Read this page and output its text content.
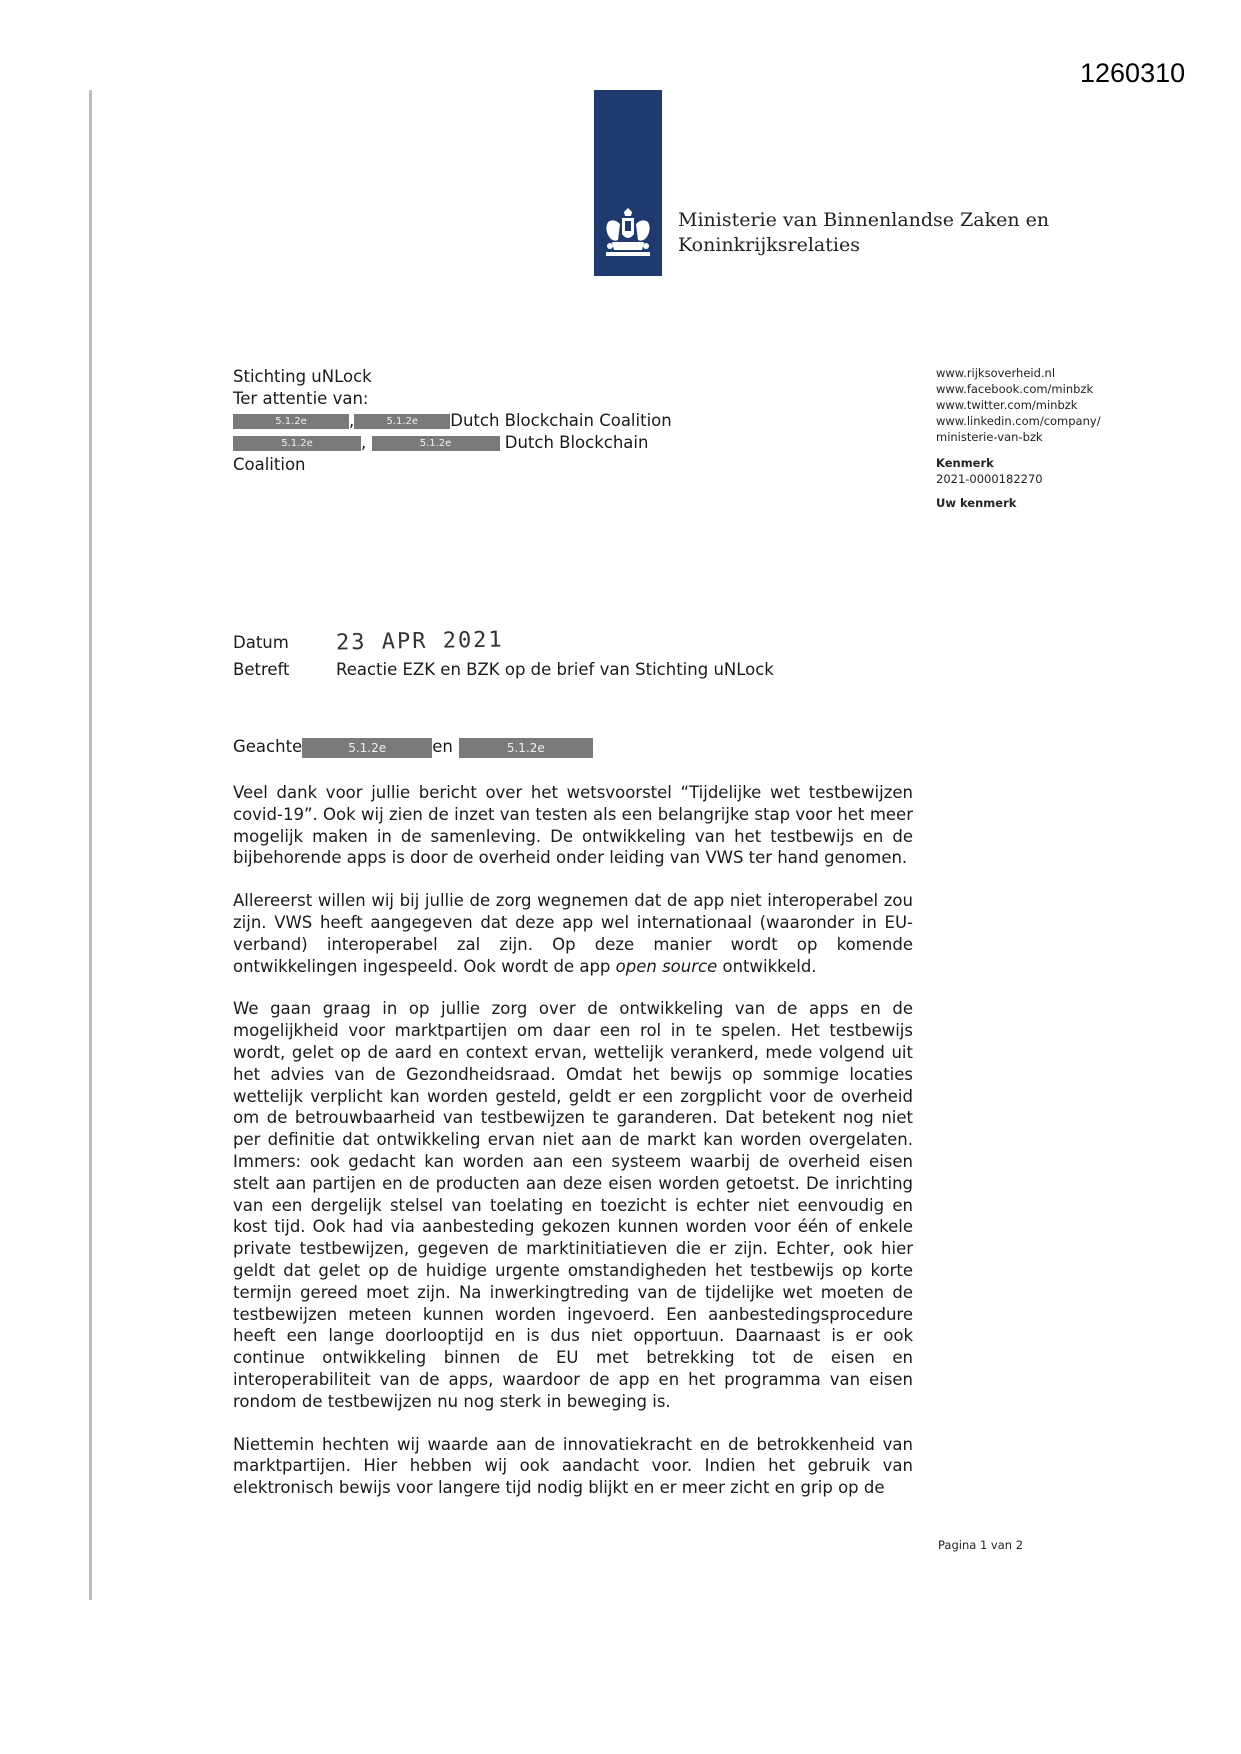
1260310
Ministerie van Binnenlandse Zaken en
Koninkrijksrelaties
Stichting uNLock
Ter attentie van:
5.1.2e	,	5.1.2e Dutch Blockchain Coalition
5.1.2e	,	5.1.2e	Dutch Blockchain
Coalition
www.rijksoverheid.nl
www.facebook.com/minbzk
www.twitter.com/minbzk
www.linkedin.com/company/
ministerie-van-bzk
Kenmerk
2021-0000182270
Uw kenmerk
Datum 23 APR 2021
Betreft	Reactie EZK en BZK op de brief van Stichting uNLock
Geachte	5.1.2e	en	5.1.2e

Veel dank voor jullie bericht over het wetsvoorstel “Tijdelijke wet testbewijzen covid-19”. Ook wij zien de inzet van testen als een belangrijke stap voor het meer mogelijk maken in de samenleving. De ontwikkeling van het testbewijs en de bijbehorende apps is door de overheid onder leiding van VWS ter hand genomen.

Allereerst willen wij bij jullie de zorg wegnemen dat de app niet interoperabel zou zijn. VWS heeft aangegeven dat deze app wel internationaal (waaronder in EU-verband) interoperabel zal zijn. Op deze manier wordt op komende ontwikkelingen ingespeeld. Ook wordt de app open source ontwikkeld.

We gaan graag in op jullie zorg over de ontwikkeling van de apps en de mogelijkheid voor marktpartijen om daar een rol in te spelen. Het testbewijs wordt, gelet op de aard en context ervan, wettelijk verankerd, mede volgend uit het advies van de Gezondheidsraad. Omdat het bewijs op sommige locaties wettelijk verplicht kan worden gesteld, geldt er een zorgplicht voor de overheid om de betrouwbaarheid van testbewijzen te garanderen. Dat betekent nog niet per definitie dat ontwikkeling ervan niet aan de markt kan worden overgelaten. Immers: ook gedacht kan worden aan een systeem waarbij de overheid eisen stelt aan partijen en de producten aan deze eisen worden getoetst. De inrichting van een dergelijk stelsel van toelating en toezicht is echter niet eenvoudig en kost tijd. Ook had via aanbesteding gekozen kunnen worden voor één of enkele private testbewijzen, gegeven de marktinitiatieven die er zijn. Echter, ook hier geldt dat gelet op de huidige urgente omstandigheden het testbewijs op korte termijn gereed moet zijn. Na inwerkingtreding van de tijdelijke wet moeten de testbewijzen meteen kunnen worden ingevoerd. Een aanbestedingsprocedure heeft een lange doorlooptijd en is dus niet opportuun. Daarnaast is er ook continue ontwikkeling binnen de EU met betrekking tot de eisen en interoperabiliteit van de apps, waardoor de app en het programma van eisen rondom de testbewijzen nu nog sterk in beweging is.

Niettemin hechten wij waarde aan de innovatiekracht en de betrokkenheid van marktpartijen. Hier hebben wij ook aandacht voor. Indien het gebruik van elektronisch bewijs voor langere tijd nodig blijkt en er meer zicht en grip op de

Pagina 1 van 2
